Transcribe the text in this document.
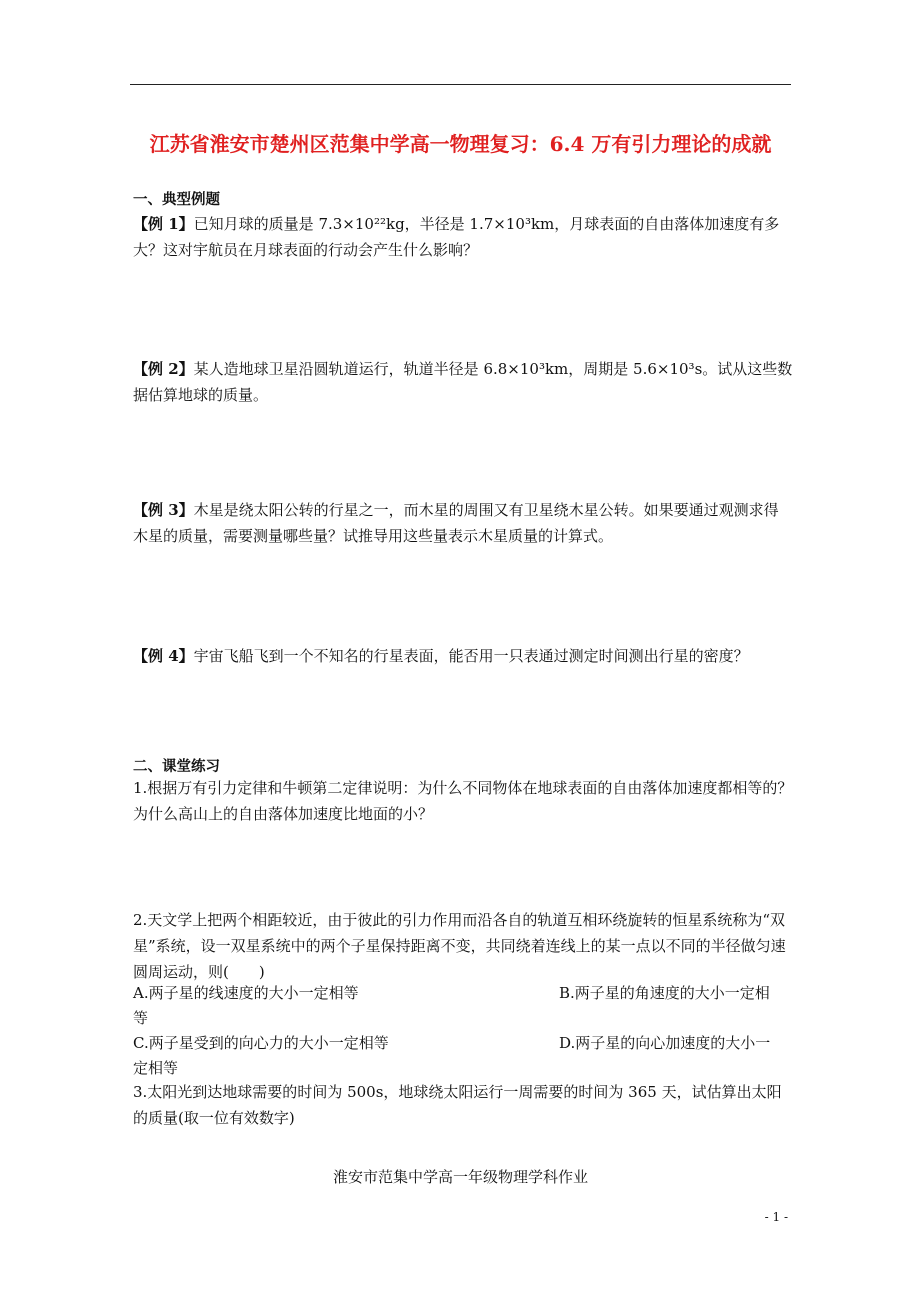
江苏省淮安市楚州区范集中学高一物理复习：6.4 万有引力理论的成就
一、典型例题
【例 1】已知月球的质量是 7.3×10²²kg，半径是 1.7×10³km，月球表面的自由落体加速度有多大？这对宇航员在月球表面的行动会产生什么影响？
【例 2】某人造地球卫星沿圆轨道运行，轨道半径是 6.8×10³km，周期是 5.6×10³s。试从这些数据估算地球的质量。
【例 3】木星是绕太阳公转的行星之一，而木星的周围又有卫星绕木星公转。如果要通过观测求得木星的质量，需要测量哪些量？试推导用这些量表示木星质量的计算式。
【例 4】宇宙飞船飞到一个不知名的行星表面，能否用一只表通过测定时间测出行星的密度？
二、课堂练习
1.根据万有引力定律和牛顿第二定律说明：为什么不同物体在地球表面的自由落体加速度都相等的？为什么高山上的自由落体加速度比地面的小？
2.天文学上把两个相距较近，由于彼此的引力作用而沿各自的轨道互相环绕旋转的恒星系统称为“双星”系统，设一双星系统中的两个子星保持距离不变，共同绕着连线上的某一点以不同的半径做匀速圆周运动，则(　　)
A.两子星的线速度的大小一定相等	B.两子星的角速度的大小一定相
等
C.两子星受到的向心力的大小一定相等	D.两子星的向心加速度的大小一
定相等
3.太阳光到达地球需要的时间为 500s，地球绕太阳运行一周需要的时间为 365 天，试估算出太阳的质量(取一位有效数字)
淮安市范集中学高一年级物理学科作业
- 1 -
